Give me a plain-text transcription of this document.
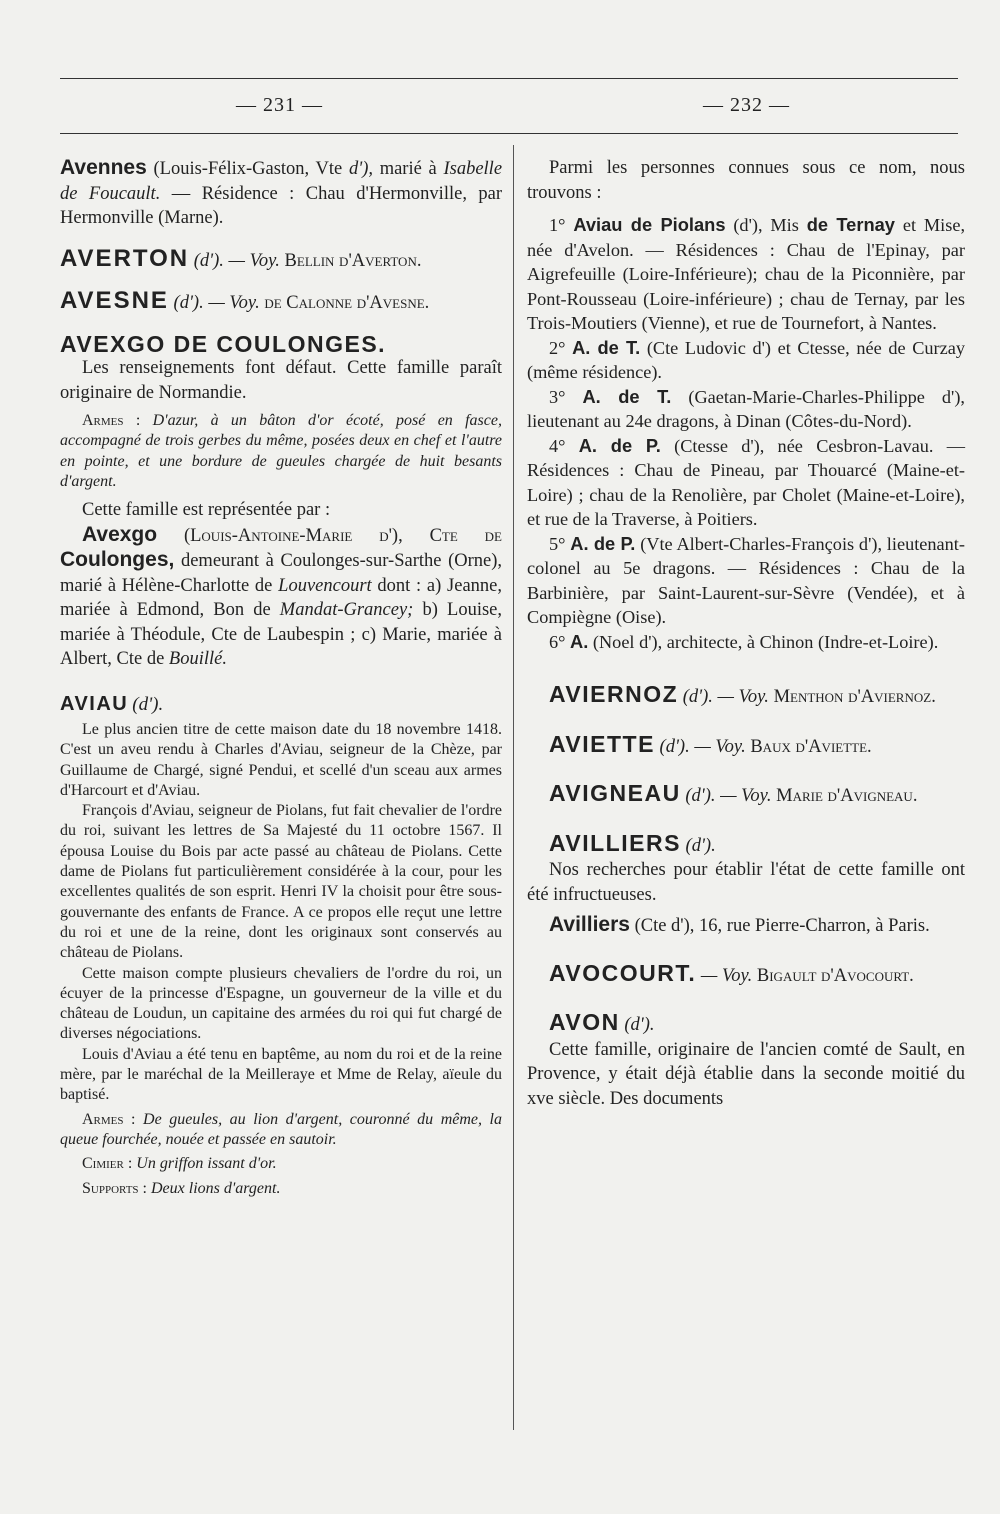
— 231 —	— 232 —

Avennes (Louis-Félix-Gaston, Vte d'), marié à Isabelle de Foucault. — Résidence : Chau d'Hermonville, par Hermonville (Marne).

AVERTON (d'). — Voy. Bellin d'Averton.

AVESNE (d'). — Voy. de Calonne d'Avesne.

AVEXGO DE COULONGES.

Les renseignements font défaut. Cette famille paraît originaire de Normandie.

Armes : D'azur, à un bâton d'or écoté, posé en fasce, accompagné de trois gerbes du même, posées deux en chef et l'autre en pointe, et une bordure de gueules chargée de huit besants d'argent.

Cette famille est représentée par :

Avexgo (Louis-Antoine-Marie d'), Cte de Coulonges, demeurant à Coulonges-sur-Sarthe (Orne), marié à Hélène-Charlotte de Louvencourt dont : a) Jeanne, mariée à Edmond, Bon de Mandat-Grancey; b) Louise, mariée à Théodule, Cte de Laubespin ; c) Marie, mariée à Albert, Cte de Bouillé.

AVIAU (d').

Le plus ancien titre de cette maison date du 18 novembre 1418. C'est un aveu rendu à Charles d'Aviau, seigneur de la Chèze, par Guillaume de Chargé, signé Pendui, et scellé d'un sceau aux armes d'Harcourt et d'Aviau.

François d'Aviau, seigneur de Piolans, fut fait chevalier de l'ordre du roi, suivant les lettres de Sa Majesté du 11 octobre 1567. Il épousa Louise du Bois par acte passé au château de Piolans. Cette dame de Piolans fut particulièrement considérée à la cour, pour les excellentes qualités de son esprit. Henri IV la choisit pour être sous-gouvernante des enfants de France. A ce propos elle reçut une lettre du roi et une de la reine, dont les originaux sont conservés au château de Piolans.

Cette maison compte plusieurs chevaliers de l'ordre du roi, un écuyer de la princesse d'Espagne, un gouverneur de la ville et du château de Loudun, un capitaine des armées du roi qui fut chargé de diverses négociations.

Louis d'Aviau a été tenu en baptême, au nom du roi et de la reine mère, par le maréchal de la Meilleraye et Mme de Relay, aïeule du baptisé.

Armes : De gueules, au lion d'argent, couronné du même, la queue fourchée, nouée et passée en sautoir.

Cimier : Un griffon issant d'or.

Supports : Deux lions d'argent.

Parmi les personnes connues sous ce nom, nous trouvons :

1° Aviau de Piolans (d'), Mis de Ternay et Mise, née d'Avelon. — Résidences : Chau de l'Epinay, par Aigrefeuille (Loire-Inférieure); chau de la Piconnière, par Pont-Rousseau (Loire-inférieure) ; chau de Ternay, par les Trois-Moutiers (Vienne), et rue de Tournefort, à Nantes.

2° A. de T. (Cte Ludovic d') et Ctesse, née de Curzay (même résidence).

3° A. de T. (Gaetan-Marie-Charles-Philippe d'), lieutenant au 24e dragons, à Dinan (Côtes-du-Nord).

4° A. de P. (Ctesse d'), née Cesbron-Lavau. — Résidences : Chau de Pineau, par Thouarcé (Maine-et-Loire) ; chau de la Renolière, par Cholet (Maine-et-Loire), et rue de la Traverse, à Poitiers.

5° A. de P. (Vte Albert-Charles-François d'), lieutenant-colonel au 5e dragons. — Résidences : Chau de la Barbinière, par Saint-Laurent-sur-Sèvre (Vendée), et à Compiègne (Oise).

6° A. (Noel d'), architecte, à Chinon (Indre-et-Loire).

AVIERNOZ (d'). — Voy. Menthon d'Aviernoz.

AVIETTE (d'). — Voy. Baux d'Aviette.

AVIGNEAU (d'). — Voy. Marie d'Avigneau.

AVILLIERS (d').

Nos recherches pour établir l'état de cette famille ont été infructueuses.

Avilliers (Cte d'), 16, rue Pierre-Charron, à Paris.

AVOCOURT. — Voy. Bigault d'Avocourt.

AVON (d').

Cette famille, originaire de l'ancien comté de Sault, en Provence, y était déjà établie dans la seconde moitié du xve siècle. Des documents
